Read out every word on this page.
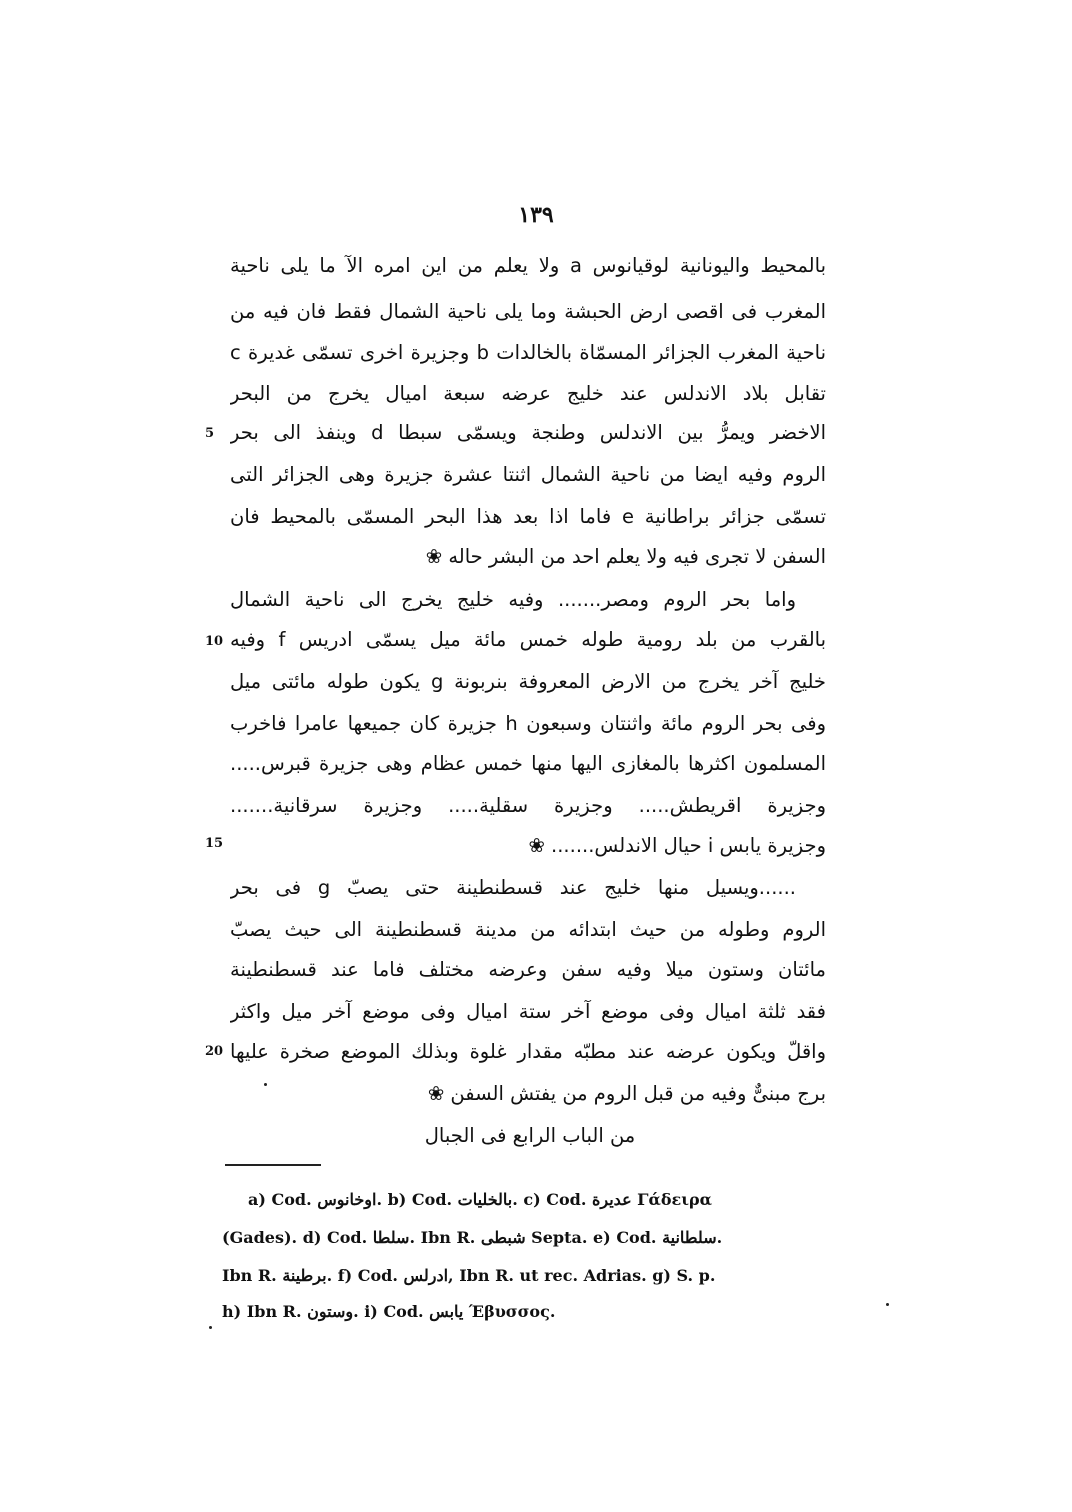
۱۳۹
بالمحيط واليونانية لوقيانوس a ولا يعلم من اين امره الآ ما يلى ناحية
المغرب فى اقصى ارض الحبشة وما يلى ناحية الشمال فقط فان فيه من
ناحية المغرب الجزائر المسمّاة بالخالدات b وجزيرة اخرى تسمّى غديرة c
تقابل بلاد الاندلس عند خليج عرضه سبعة اميال يخرج من البحر
الاخضر ويمرُّ بين الاندلس وطنجة ويسمّى سبطا d وينفذ الى بحر
الروم وفيه ايضا من ناحية الشمال اثنتا عشرة جزيرة وهى الجزائر التى
تسمّى جزائر براطانية e فاما اذا بعد هذا البحر المسمّى بالمحيط فان
السفن لا تجرى فيه ولا يعلم احد من البشر حاله ❀
واما بحر الروم ومصر....... وفيه خليج يخرج الى ناحية الشمال
بالقرب من بلد رومية طوله خمس مائة ميل يسمّى ادريس f وفيه
خليج آخر يخرج من الارض المعروفة بنربونة g يكون طوله مائتى ميل
وفى بحر الروم مائة واثنتان وسبعون h جزيرة كان جميعها عامرا فاخرب
المسلمون اكثرها بالمغازى اليها منها خمس عظام وهى جزيرة قبرس.....
وجزيرة اقريطش..... وجزيرة سقلية..... وجزيرة سرقانية.......
وجزيرة يابس i حيال الاندلس....... ❀
......ويسيل منها خليج عند قسطنطينة حتى يصبّ g فى بحر
الروم وطوله من حيث ابتدائه من مدينة قسطنطينة الى حيث يصبّ
مائتان وستون ميلا وفيه سفن وعرضه مختلف فاما عند قسطنطينة
فقد ثلثة اميال وفى موضع آخر ستة اميال وفى موضع آخر ميل واكثر
واقلّ ويكون عرضه عند مطبّه مقدار غلوة وبذلك الموضع صخرة عليها
برج مبنىٌّ وفيه من قبل الروم من يفتش السفن ❀
من الباب الرابع فى الجبال
5
10
15
20
a) Cod. اوخانوس. b) Cod. بالخليات. c) Cod. عديرة Γάδειρα
(Gades). d) Cod. سلطا. Ibn R. شبطى Septa. e) Cod. سلطانية.
Ibn R. برطينة. f) Cod. ادرلس, Ibn R. ut rec. Adrias. g) S. p.
h) Ibn R. وستون. i) Cod. يابس Έβυσσος.
